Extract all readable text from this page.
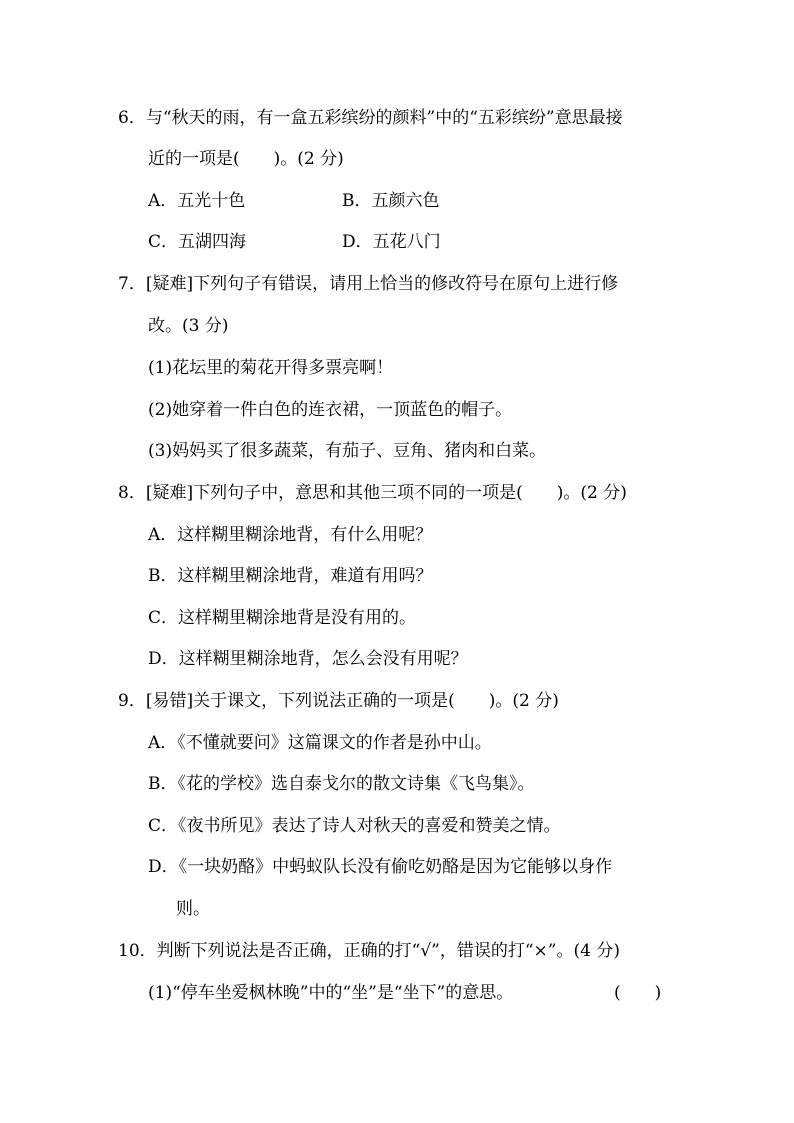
6．与“秋天的雨，有一盒五彩缤纷的颜料”中的“五彩缤纷”意思最接
近的一项是(　　)。(2 分)
A．五光十色	B．五颜六色
C．五湖四海	D．五花八门
7．[疑难]下列句子有错误，请用上恰当的修改符号在原句上进行修
改。(3 分)
(1)花坛里的菊花开得多票亮啊！
(2)她穿着一件白色的连衣裙，一顶蓝色的帽子。
(3)妈妈买了很多蔬菜，有茄子、豆角、猪肉和白菜。
8．[疑难]下列句子中，意思和其他三项不同的一项是(　　)。(2 分)
A．这样糊里糊涂地背，有什么用呢？
B．这样糊里糊涂地背，难道有用吗？
C．这样糊里糊涂地背是没有用的。
D．这样糊里糊涂地背，怎么会没有用呢？
9．[易错]关于课文，下列说法正确的一项是(　　)。(2 分)
A．《不懂就要问》这篇课文的作者是孙中山。
B．《花的学校》选自泰戈尔的散文诗集《飞鸟集》。
C．《夜书所见》表达了诗人对秋天的喜爱和赞美之情。
D．《一块奶酪》中蚂蚁队长没有偷吃奶酪是因为它能够以身作
则。
10．判断下列说法是否正确，正确的打“√”，错误的打“×”。(4 分)
(1)“停车坐爱枫林晚”中的“坐”是“坐下”的意思。	(　　)
